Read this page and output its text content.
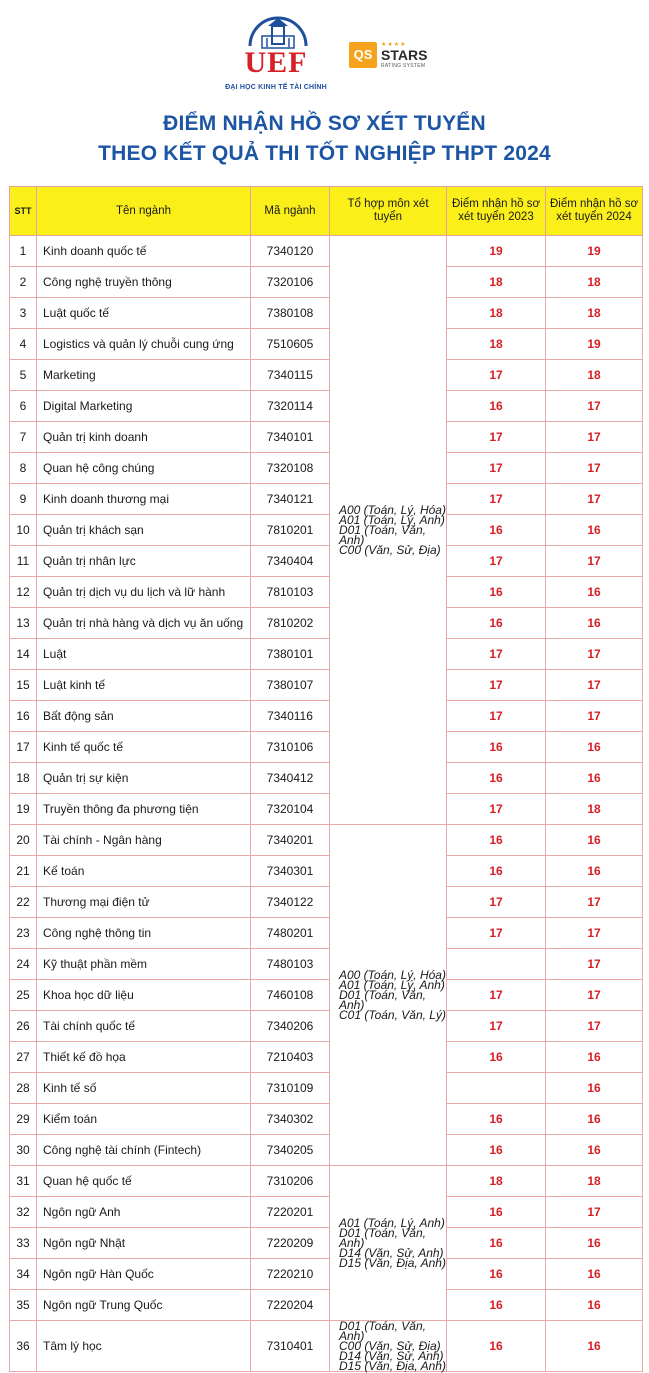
UEF
ĐẠI HỌC KINH TẾ TÀI CHÍNH
QS
★★★★
STARS
RATING SYSTEM
ĐIỂM NHẬN HỒ SƠ XÉT TUYỂN
THEO KẾT QUẢ THI TỐT NGHIỆP THPT 2024
STT	Tên ngành	Mã ngành	Tổ hợp môn xét tuyển	Điểm nhận hồ sơ xét tuyển 2023	Điểm nhận hồ sơ xét tuyển 2024
1	Kinh doanh quốc tế	7340120	A00 (Toán, Lý, Hóa)
A01 (Toán, Lý, Anh)
D01 (Toán, Văn, Anh)
C00 (Văn, Sử, Địa)	19	19
2	Công nghệ truyền thông	7320106		18	18
3	Luật quốc tế	7380108		18	18
4	Logistics và quản lý chuỗi cung ứng	7510605		18	19
5	Marketing	7340115		17	18
6	Digital Marketing	7320114		16	17
7	Quản trị kinh doanh	7340101		17	17
8	Quan hệ công chúng	7320108		17	17
9	Kinh doanh thương mại	7340121		17	17
10	Quản trị khách sạn	7810201		16	16
11	Quản trị nhân lực	7340404		17	17
12	Quản trị dịch vụ du lịch và lữ hành	7810103		16	16
13	Quản trị nhà hàng và dịch vụ ăn uống	7810202		16	16
14	Luật	7380101		17	17
15	Luật kinh tế	7380107		17	17
16	Bất động sản	7340116		17	17
17	Kinh tế quốc tế	7310106		16	16
18	Quản trị sự kiện	7340412		16	16
19	Truyền thông đa phương tiện	7320104		17	18
20	Tài chính - Ngân hàng	7340201	A00 (Toán, Lý, Hóa)
A01 (Toán, Lý, Anh)
D01 (Toán, Văn, Anh)
C01 (Toán, Văn, Lý)	16	16
21	Kế toán	7340301		16	16
22	Thương mại điện tử	7340122		17	17
23	Công nghệ thông tin	7480201		17	17
24	Kỹ thuật phần mềm	7480103			17
25	Khoa học dữ liệu	7460108		17	17
26	Tài chính quốc tế	7340206		17	17
27	Thiết kế đồ họa	7210403		16	16
28	Kinh tế số	7310109			16
29	Kiểm toán	7340302		16	16
30	Công nghệ tài chính (Fintech)	7340205		16	16
31	Quan hệ quốc tế	7310206	A01 (Toán, Lý, Anh)
D01 (Toán, Văn, Anh)
D14 (Văn, Sử, Anh)
D15 (Văn, Địa, Anh)	18	18
32	Ngôn ngữ Anh	7220201		16	17
33	Ngôn ngữ Nhật	7220209		16	16
34	Ngôn ngữ Hàn Quốc	7220210		16	16
35	Ngôn ngữ Trung Quốc	7220204		16	16
36	Tâm lý học	7310401	D01 (Toán, Văn, Anh)
C00 (Văn, Sử, Địa)
D14 (Văn, Sử, Anh)
D15 (Văn, Địa, Anh)	16	16
